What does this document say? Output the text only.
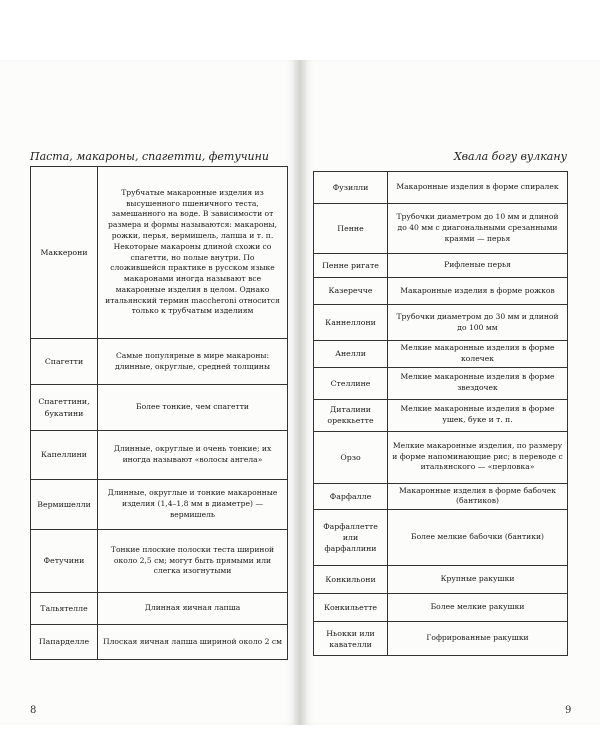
Паста, макароны, спагетти, фетучини	Хвала богу вулкану
Маккерони	Трубчатые макаронные изделия из высушенного пшеничного теста, замешанного на воде. В зависимости от размера и формы называются: макароны, рожки, перья, вермишель, лапша и т. п. Некоторые макароны длиной схожи со спагетти, но полые внутри. По сложившейся практике в русском языке макаронами иногда называют все макаронные изделия в целом. Однако итальянский термин maccheroni относится только к трубчатым изделиям
Спагетти	Самые популярные в мире макароны: длинные, округлые, средней толщины
Спагеттини, букатини	Более тонкие, чем спагетти
Капеллини	Длинные, округлые и очень тонкие; их иногда называют «волосы ангела»
Вермишелли	Длинные, округлые и тонкие макаронные изделия (1,4–1,8 мм в диаметре) — вермишель
Фетучини	Тонкие плоские полоски теста шириной около 2,5 см; могут быть прямыми или слегка изогнутыми
Тальятелле	Длинная яичная лапша
Папарделле	Плоская яичная лапша шириной около 2 см
Фузилли	Макаронные изделия в форме спиралек
Пенне	Трубочки диаметром до 10 мм и длиной до 40 мм с диагональными срезанными краями — перья
Пенне ригате	Рифленые перья
Казеречче	Макаронные изделия в форме рожков
Каннеллони	Трубочки диаметром до 30 мм и длиной до 100 мм
Анелли	Мелкие макаронные изделия в форме колечек
Стеллине	Мелкие макаронные изделия в форме звездочек
Диталини ореккьетте	Мелкие макаронные изделия в форме ушек, буке и т. п.
Орзо	Мелкие макаронные изделия, по размеру и форме напоминающие рис; в переводе с итальянского — «перловка»
Фарфалле	Макаронные изделия в форме бабочек (бантиков)
Фарфаллетте или фарфаллини	Более мелкие бабочки (бантики)
Конкильони	Крупные ракушки
Конкильетте	Более мелкие ракушки
Ньокки или кавателли	Гофрированные ракушки
8	9
